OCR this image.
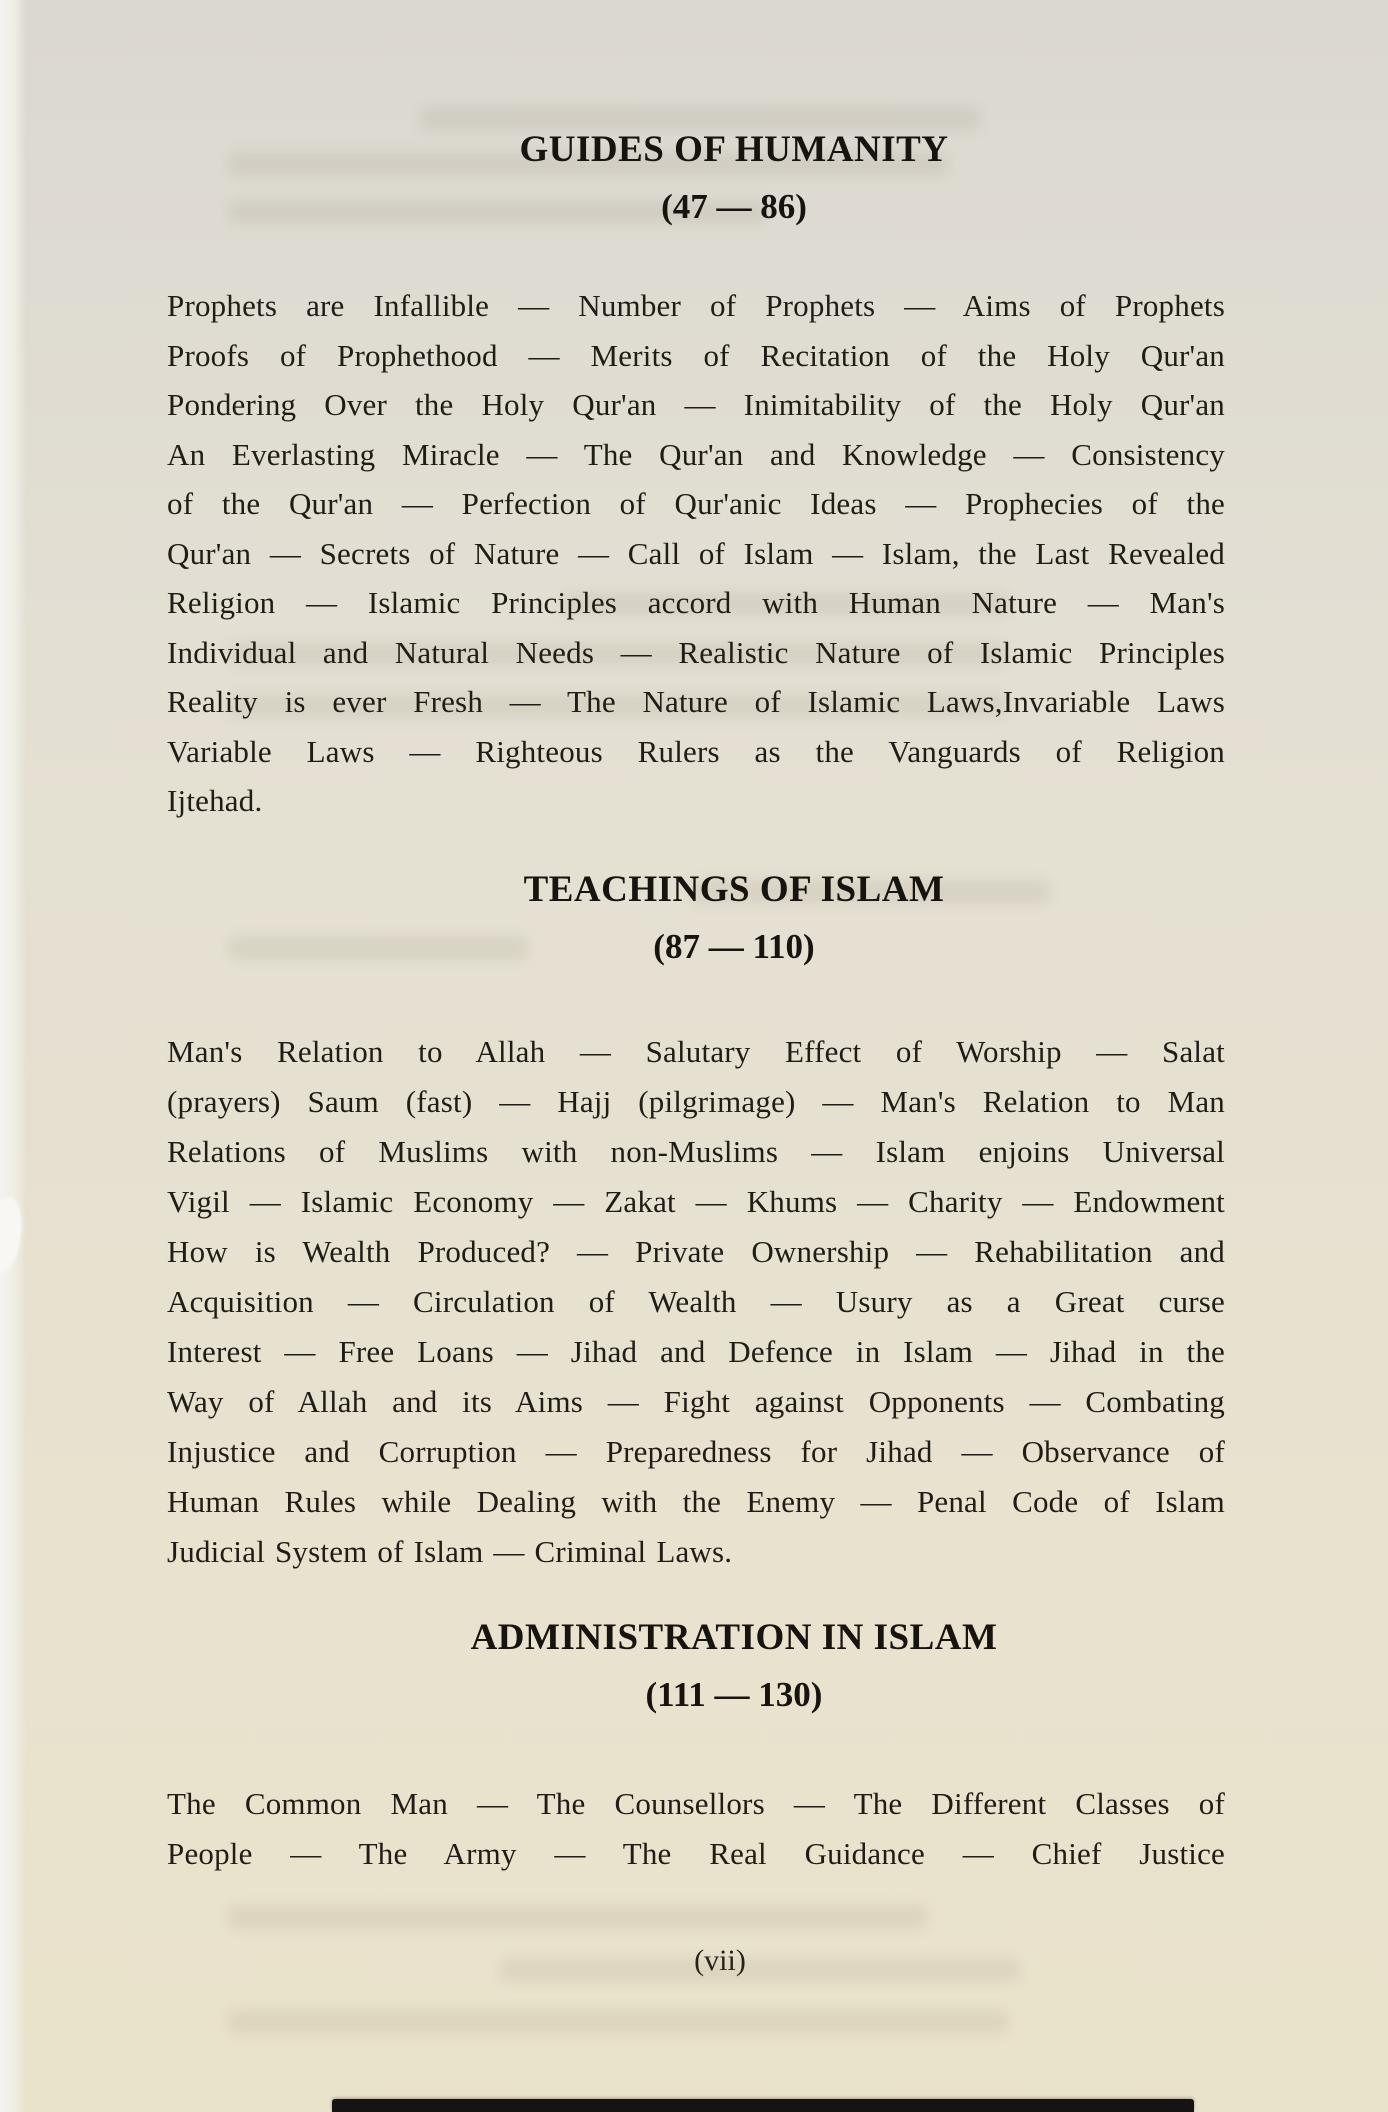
GUIDES OF HUMANITY
(47 — 86)
Prophets are Infallible — Number of Prophets — Aims of Prophets
Proofs of Prophethood — Merits of Recitation of the Holy Qur'an
Pondering Over the Holy Qur'an — Inimitability of the Holy Qur'an
An Everlasting Miracle — The Qur'an and Knowledge — Consistency
of the Qur'an — Perfection of Qur'anic Ideas — Prophecies of the
Qur'an — Secrets of Nature — Call of Islam — Islam, the Last Revealed
Religion — Islamic Principles accord with Human Nature — Man's
Individual and Natural Needs — Realistic Nature of Islamic Principles
Reality is ever Fresh — The Nature of Islamic Laws,Invariable Laws
Variable Laws — Righteous Rulers as the Vanguards of Religion
Ijtehad.
TEACHINGS OF ISLAM
(87 — 110)
Man's Relation to Allah — Salutary Effect of Worship — Salat
(prayers) Saum (fast) — Hajj (pilgrimage) — Man's Relation to Man
Relations of Muslims with non-Muslims — Islam enjoins Universal
Vigil — Islamic Economy — Zakat — Khums — Charity — Endowment
How is Wealth Produced? — Private Ownership — Rehabilitation and
Acquisition — Circulation of Wealth — Usury as a Great curse
Interest — Free Loans — Jihad and Defence in Islam — Jihad in the
Way of Allah and its Aims — Fight against Opponents — Combating
Injustice and Corruption — Preparedness for Jihad — Observance of
Human Rules while Dealing with the Enemy — Penal Code of Islam
Judicial System of Islam — Criminal Laws.
ADMINISTRATION IN ISLAM
(111 — 130)
The Common Man — The Counsellors — The Different Classes of
People — The Army — The Real Guidance — Chief Justice
(vii)
